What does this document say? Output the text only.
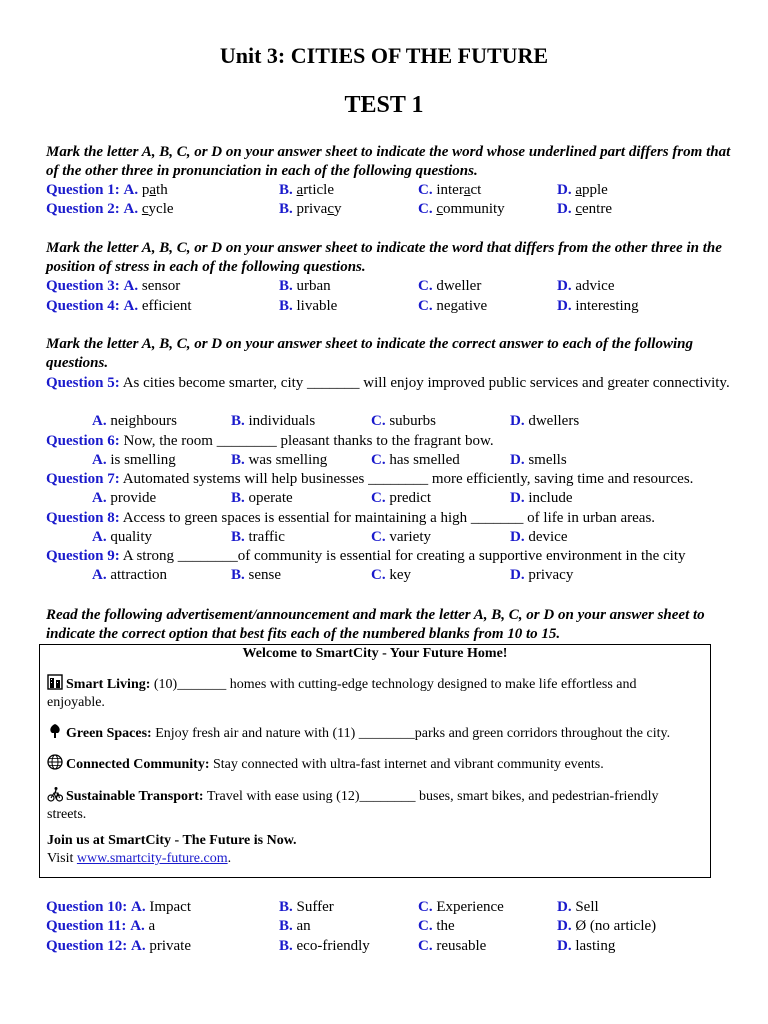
Unit 3: CITIES OF THE FUTURE
TEST 1
Mark the letter A, B, C, or D on your answer sheet to indicate the word whose underlined part differs from that of the other three in pronunciation in each of the following questions.
Question 1: A. path	B. article	C. interact	D. apple
Question 2: A. cycle	B. privacy	C. community	D. centre
Mark the letter A, B, C, or D on your answer sheet to indicate the word that differs from the other three in the position of stress in each of the following questions.
Question 3: A. sensor	B. urban	C. dweller	D. advice
Question 4: A. efficient	B. livable	C. negative	D. interesting
Mark the letter A, B, C, or D on your answer sheet to indicate the correct answer to each of the following questions.
Question 5: As cities become smarter, city _______ will enjoy improved public services and greater connectivity.
A. neighbours	B. individuals	C. suburbs	D. dwellers
Question 6: Now, the room ________ pleasant thanks to the fragrant bow.
A. is smelling	B. was smelling	C. has smelled	D. smells
Question 7: Automated systems will help businesses ________ more efficiently, saving time and resources.
A. provide	B. operate	C. predict	D. include
Question 8: Access to green spaces is essential for maintaining a high _______ of life in urban areas.
A. quality	B. traffic	C. variety	D. device
Question 9: A strong ________of community is essential for creating a supportive environment in the city
A. attraction	B. sense	C. key	D. privacy
Read the following advertisement/announcement and mark the letter A, B, C, or D on your answer sheet to indicate the correct option that best fits each of the numbered blanks from 10 to 15.
Welcome to SmartCity - Your Future Home!
Smart Living: (10)_______ homes with cutting-edge technology designed to make life effortless and enjoyable.
Green Spaces: Enjoy fresh air and nature with (11) ________parks and green corridors throughout the city.
Connected Community: Stay connected with ultra-fast internet and vibrant community events.
Sustainable Transport: Travel with ease using (12)________ buses, smart bikes, and pedestrian-friendly streets.
Join us at SmartCity - The Future is Now.
Visit www.smartcity-future.com.
Question 10: A. Impact	B. Suffer	C. Experience	D. Sell
Question 11: A. a	B. an	C. the	D. Ø (no article)
Question 12: A. private	B. eco-friendly	C. reusable	D. lasting
